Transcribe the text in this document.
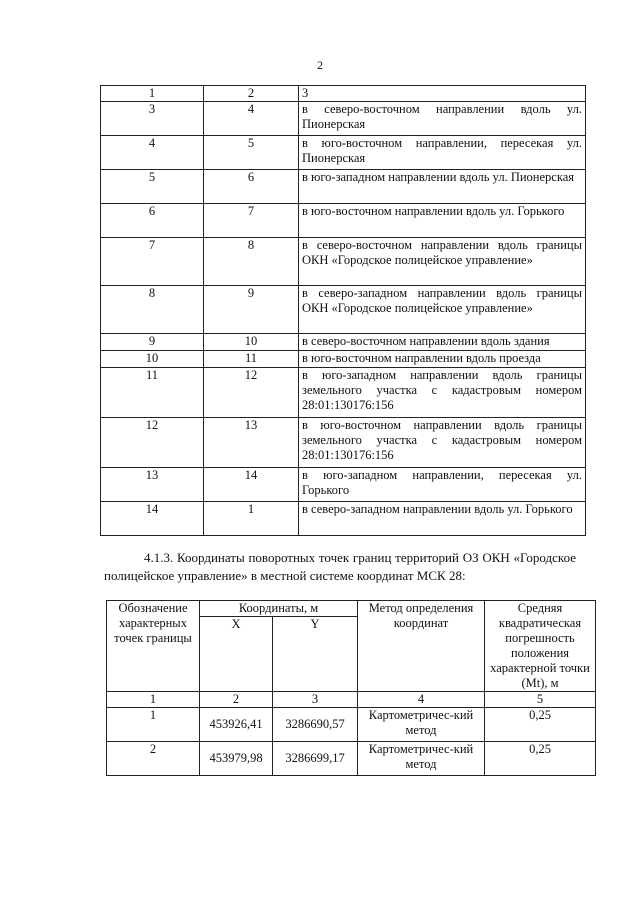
2
1	2	3
3	4	в северо-восточном направлении вдоль ул. Пионерская
4	5	в юго-восточном направлении, пересекая ул. Пионерская
5	6	в юго-западном направлении вдоль ул. Пионерская
6	7	в юго-восточном направлении вдоль ул. Горького
7	8	в северо-восточном направлении вдоль границы ОКН «Городское полицейское управление»
8	9	в северо-западном направлении вдоль границы ОКН «Городское полицейское управление»
9	10	в северо-восточном направлении вдоль здания
10	11	в юго-восточном направлении вдоль проезда
11	12	в юго-западном направлении вдоль границы земельного участка с кадастровым номером 28:01:130176:156
12	13	в юго-восточном направлении вдоль границы земельного участка с кадастровым номером 28:01:130176:156
13	14	в юго-западном направлении, пересекая ул. Горького
14	1	в северо-западном направлении вдоль ул. Горького
4.1.3. Координаты поворотных точек границ территорий ОЗ ОКН «Городское полицейское управление» в местной системе координат МСК 28:
Обозначение характерных точек границы	Координаты, м		Метод определения координат	Средняя квадратическая погрешность положения характерной точки (Mt), м
	X	Y		
1	2	3	4	5
1	453926,41	3286690,57	Картометричес-кий метод	0,25
2	453979,98	3286699,17	Картометричес-кий метод	0,25
